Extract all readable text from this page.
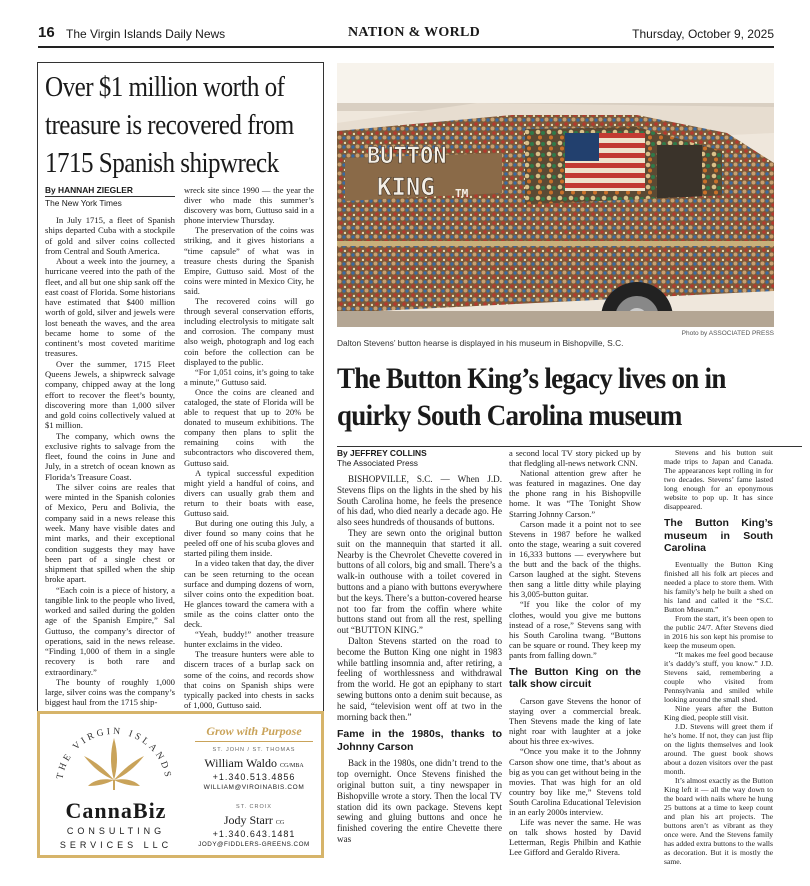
16 The Virgin Islands Daily News	NATION & WORLD	Thursday, October 9, 2025
Over $1 million worth of treasure is recovered from 1715 Spanish shipwreck
By HANNAH ZIEGLER
The New York Times

In July 1715, a fleet of Spanish ships departed Cuba with a stockpile of gold and silver coins collected from Central and South America.

About a week into the journey, a hurricane veered into the path of the fleet, and all but one ship sank off the east coast of Florida. Some historians have estimated that $400 million worth of gold, silver and jewels were lost beneath the waves, and the area became home to some of the continent’s most coveted maritime treasures.

Over the summer, 1715 Fleet Queens Jewels, a shipwreck salvage company, chipped away at the long effort to recover the fleet’s bounty, discovering more than 1,000 silver and gold coins collectively valued at $1 million.

The company, which owns the exclusive rights to salvage from the fleet, found the coins in June and July, in a stretch of ocean known as Florida’s Treasure Coast.

The silver coins are reales that were minted in the Spanish colonies of Mexico, Peru and Bolivia, the company said in a news release this week. Many have visible dates and mint marks, and their exceptional condition suggests they may have been part of a single chest or shipment that spilled when the ship broke apart.

“Each coin is a piece of history, a tangible link to the people who lived, worked and sailed during the golden age of the Spanish Empire,” Sal Guttuso, the company’s director of operations, said in the news release. “Finding 1,000 of them in a single recovery is both rare and extraordinary.”

The bounty of roughly 1,000 large, silver coins was the company’s biggest haul from the 1715 ship-

wreck site since 1990 — the year the diver who made this summer’s discovery was born, Guttuso said in a phone interview Thursday.

The preservation of the coins was striking, and it gives historians a “time capsule” of what was in treasure chests during the Spanish Empire, Guttuso said. Most of the coins were minted in Mexico City, he said.

The recovered coins will go through several conservation efforts, including electrolysis to mitigate salt and corrosion. The company must also weigh, photograph and log each coin before the collection can be displayed to the public.

“For 1,051 coins, it’s going to take a minute,” Guttuso said.

Once the coins are cleaned and cataloged, the state of Florida will be able to request that up to 20% be donated to museum exhibitions. The company then plans to split the remaining coins with the subcontractors who discovered them, Guttuso said.

A typical successful expedition might yield a handful of coins, and divers can usually grab them and return to their boats with ease, Guttuso said.

But during one outing this July, a diver found so many coins that he peeled off one of his scuba gloves and started piling them inside.

In a video taken that day, the diver can be seen returning to the ocean surface and dumping dozens of worn, silver coins onto the expedition boat. He glances toward the camera with a smile as the coins clatter onto the deck.

“Yeah, buddy!” another treasure hunter exclaims in the video.

The treasure hunters were able to discern traces of a burlap sack on some of the coins, and records show that coins on Spanish ships were typically packed into chests in sacks of 1,000, Guttuso said.

THE VIRGIN ISLANDS
CannaBiz
CONSULTING
SERVICES LLC
Grow with Purpose
ST. JOHN / ST. THOMAS
William Waldo CG/MBA
+1.340.513.4856
WILLIAM@VIROINABIS.COM
ST. CROIX
Jody Starr CG
+1.340.643.1481
JODY@FIDDLERS-GREENS.COM
BUTTON
KING TM
Photo by ASSOCIATED PRESS
Dalton Stevens’ button hearse is displayed in his museum in Bishopville, S.C.
The Button King’s legacy lives on in quirky South Carolina museum
By JEFFREY COLLINS
The Associated Press

BISHOPVILLE, S.C. — When J.D. Stevens flips on the lights in the shed by his South Carolina home, he feels the presence of his dad, who died nearly a decade ago. He also sees hundreds of thousands of buttons.

They are sewn onto the original button suit on the mannequin that started it all. Nearby is the Chevrolet Chevette covered in buttons of all colors, big and small. There’s a walk-in outhouse with a toilet covered in buttons and a piano with buttons everywhere but the keys. There’s a button-covered hearse not too far from the coffin where white buttons stand out from all the rest, spelling out “BUTTON KING.”

Dalton Stevens started on the road to become the Button King one night in 1983 while battling insomnia and, after retiring, a feeling of worthlessness and withdrawal from the world. He got an epiphany to start sewing buttons onto a denim suit because, as he said, “television went off at two in the morning back then.”

Fame in the 1980s, thanks to Johnny Carson

Back in the 1980s, one didn’t trend to the top overnight. Once Stevens finished the original button suit, a tiny newspaper in Bishopville wrote a story. Then the local TV station did its own package. Stevens kept sewing and gluing buttons and once he finished covering the entire Chevette there was

a second local TV story picked up by that fledgling all-news network CNN.

National attention grew after he was featured in magazines. One day the phone rang in his Bishopville home. It was “The Tonight Show Starring Johnny Carson.”

Carson made it a point not to see Stevens in 1987 before he walked onto the stage, wearing a suit covered in 16,333 buttons — everywhere but the butt and the back of the thighs. Carson laughed at the sight. Stevens then sang a little ditty while playing his 3,005-button guitar.

“If you like the color of my clothes, would you give me buttons instead of a rose,” Stevens sang with his South Carolina twang. “Buttons can be square or round. They keep my pants from falling down.”

The Button King on the talk show circuit

Carson gave Stevens the honor of staying over a commercial break. Then Stevens made the king of late night roar with laughter at a joke about his three ex-wives.

“Once you make it to the Johnny Carson show one time, that’s about as big as you can get without being in the movies. That was high for an old country boy like me,” Stevens told South Carolina Educational Television in an early 2000s interview.

Life was never the same. He was on talk shows hosted by David Letterman, Regis Philbin and Kathie Lee Gifford and Geraldo Rivera.

Stevens and his button suit made trips to Japan and Canada. The appearances kept rolling in for two decades. Stevens’ fame lasted long enough for an eponymous website to pop up. It has since disappeared.

The Button King’s museum in South Carolina

Eventually the Button King finished all his folk art pieces and needed a place to store them. With his family’s help he built a shed on his land and called it the “S.C. Button Museum.”

From the start, it’s been open to the public 24/7. After Stevens died in 2016 his son kept his promise to keep the museum open.

“It makes me feel good because it’s daddy’s stuff, you know.” J.D. Stevens said, remembering a couple who visited from Pennsylvania and smiled while looking around the small shed.

Nine years after the Button King died, people still visit.

J.D. Stevens will greet them if he’s home. If not, they can just flip on the lights themselves and look around. The guest book shows about a dozen visitors over the past month.

It’s almost exactly as the Button King left it — all the way down to the board with nails where he hung 25 buttons at a time to keep count and plan his art projects. The buttons aren’t as vibrant as they once were. And the Stevens family has added extra buttons to the walls as decoration. But it is mostly the same.
